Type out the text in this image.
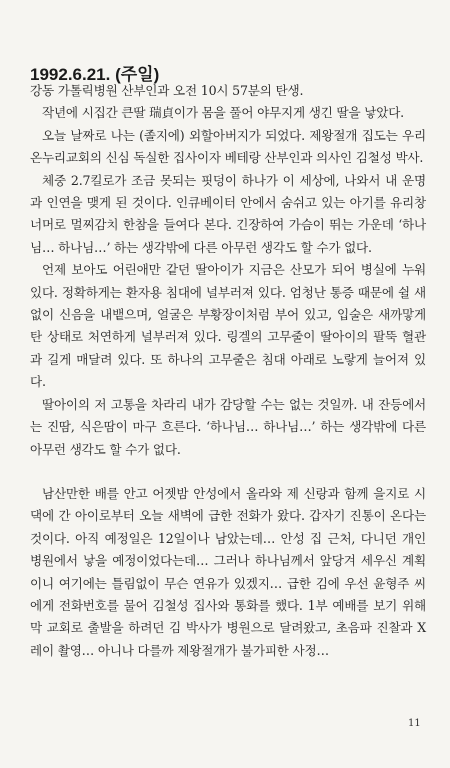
1992.6.21. (주일)

강동 가톨릭병원 산부인과 오전 10시 57분의 탄생.

작년에 시집간 큰딸 瑞貞이가 몸을 풀어 야무지게 생긴 딸을 낳았다.

오늘 날짜로 나는 (졸지에) 외할아버지가 되었다. 제왕절개 집도는 우리 온누리교회의 신심 독실한 집사이자 베테랑 산부인과 의사인 김철성 박사.

체중 2.7킬로가 조금 못되는 핏덩이 하나가 이 세상에, 나와서 내 운명과 인연을 맺게 된 것이다. 인큐베이터 안에서 숨쉬고 있는 아기를 유리창 너머로 멀찌감치 한참을 들여다 본다. 긴장하여 가슴이 뛰는 가운데 ‘하나님… 하나님…’ 하는 생각밖에 다른 아무런 생각도 할 수가 없다.

언제 보아도 어린애만 같던 딸아이가 지금은 산모가 되어 병실에 누워 있다. 정확하게는 환자용 침대에 널부러져 있다. 엄청난 통증 때문에 쉴 새없이 신음을 내뱉으며, 얼굴은 부황장이처럼 부어 있고, 입술은 새까맣게 탄 상태로 처연하게 널부러져 있다. 링겔의 고무줄이 딸아이의 팔뚝 혈관과 길게 매달려 있다. 또 하나의 고무줄은 침대 아래로 노랗게 늘어져 있다.

딸아이의 저 고통을 차라리 내가 감당할 수는 없는 것일까. 내 잔등에서는 진땀, 식은땀이 마구 흐른다. ‘하나님… 하나님…’ 하는 생각밖에 다른 아무런 생각도 할 수가 없다.

남산만한 배를 안고 어젯밤 안성에서 올라와 제 신랑과 함께 을지로 시댁에 간 아이로부터 오늘 새벽에 급한 전화가 왔다. 갑자기 진통이 온다는 것이다. 아직 예정일은 12일이나 남았는데… 안성 집 근처, 다니던 개인 병원에서 낳을 예정이었다는데… 그러나 하나님께서 앞당겨 세우신 계획이니 여기에는 틀림없이 무슨 연유가 있겠지… 급한 김에 우선 윤형주 씨에게 전화번호를 물어 김철성 집사와 통화를 했다. 1부 예배를 보기 위해 막 교회로 출발을 하려던 김 박사가 병원으로 달려왔고, 초음파 진찰과 X레이 촬영… 아니나 다를까 제왕절개가 불가피한 사정…

11
